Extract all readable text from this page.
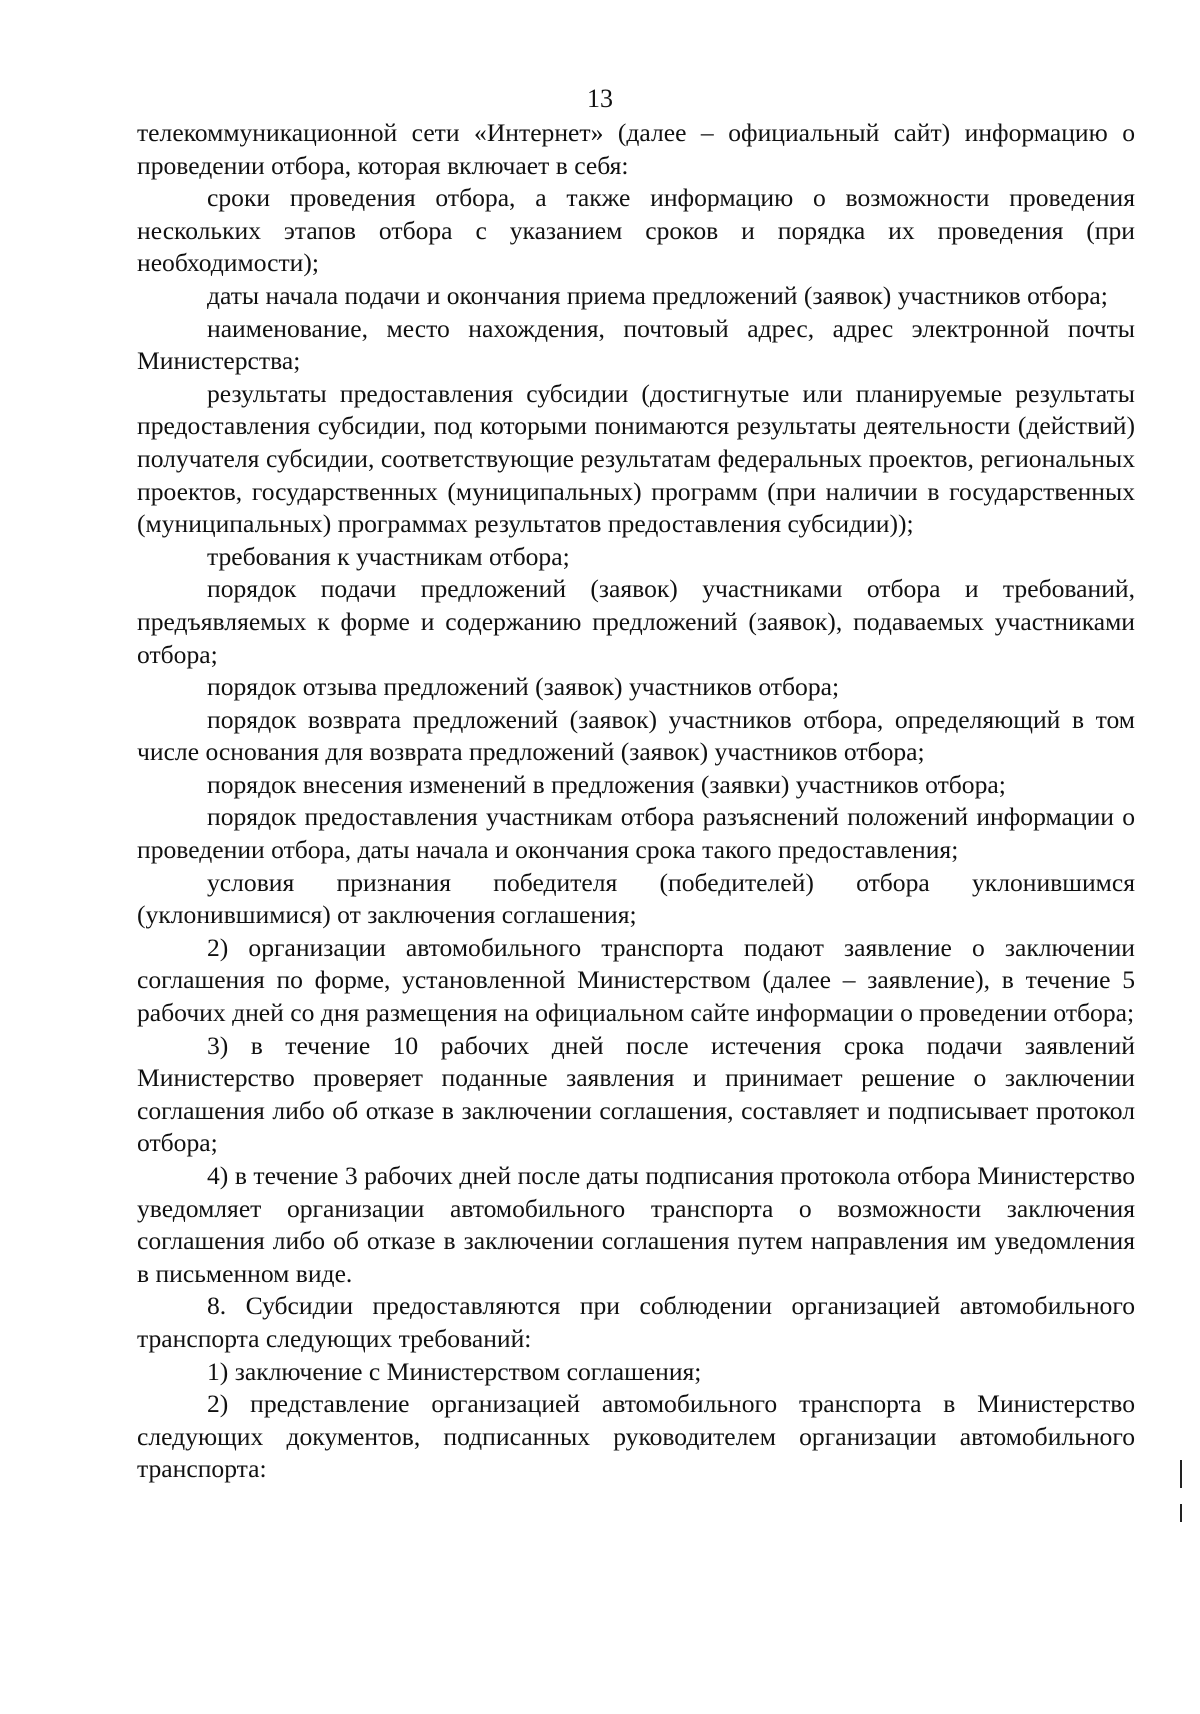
13

телекоммуникационной сети «Интернет» (далее – официальный сайт) информацию о проведении отбора, которая включает в себя:

сроки проведения отбора, а также информацию о возможности проведения нескольких этапов отбора с указанием сроков и порядка их проведения (при необходимости);

даты начала подачи и окончания приема предложений (заявок) участников отбора;

наименование, место нахождения, почтовый адрес, адрес электронной почты Министерства;

результаты предоставления субсидии (достигнутые или планируемые результаты предоставления субсидии, под которыми понимаются результаты деятельности (действий) получателя субсидии, соответствующие результатам федеральных проектов, региональных проектов, государственных (муниципальных) программ (при наличии в государственных (муниципальных) программах результатов предоставления субсидии));

требования к участникам отбора;

порядок подачи предложений (заявок) участниками отбора и требований, предъявляемых к форме и содержанию предложений (заявок), подаваемых участниками отбора;

порядок отзыва предложений (заявок) участников отбора;

порядок возврата предложений (заявок) участников отбора, определяющий в том числе основания для возврата предложений (заявок) участников отбора;

порядок внесения изменений в предложения (заявки) участников отбора;

порядок предоставления участникам отбора разъяснений положений информации о проведении отбора, даты начала и окончания срока такого предоставления;

условия признания победителя (победителей) отбора уклонившимся (уклонившимися) от заключения соглашения;

2) организации автомобильного транспорта подают заявление о заключении соглашения по форме, установленной Министерством (далее – заявление), в течение 5 рабочих дней со дня размещения на официальном сайте информации о проведении отбора;

3) в течение 10 рабочих дней после истечения срока подачи заявлений Министерство проверяет поданные заявления и принимает решение о заключении соглашения либо об отказе в заключении соглашения, составляет и подписывает протокол отбора;

4) в течение 3 рабочих дней после даты подписания протокола отбора Министерство уведомляет организации автомобильного транспорта о возможности заключения соглашения либо об отказе в заключении соглашения путем направления им уведомления в письменном виде.

8. Субсидии предоставляются при соблюдении организацией автомобильного транспорта следующих требований:

1) заключение с Министерством соглашения;

2) представление организацией автомобильного транспорта в Министерство следующих документов, подписанных руководителем организации автомобильного транспорта:
